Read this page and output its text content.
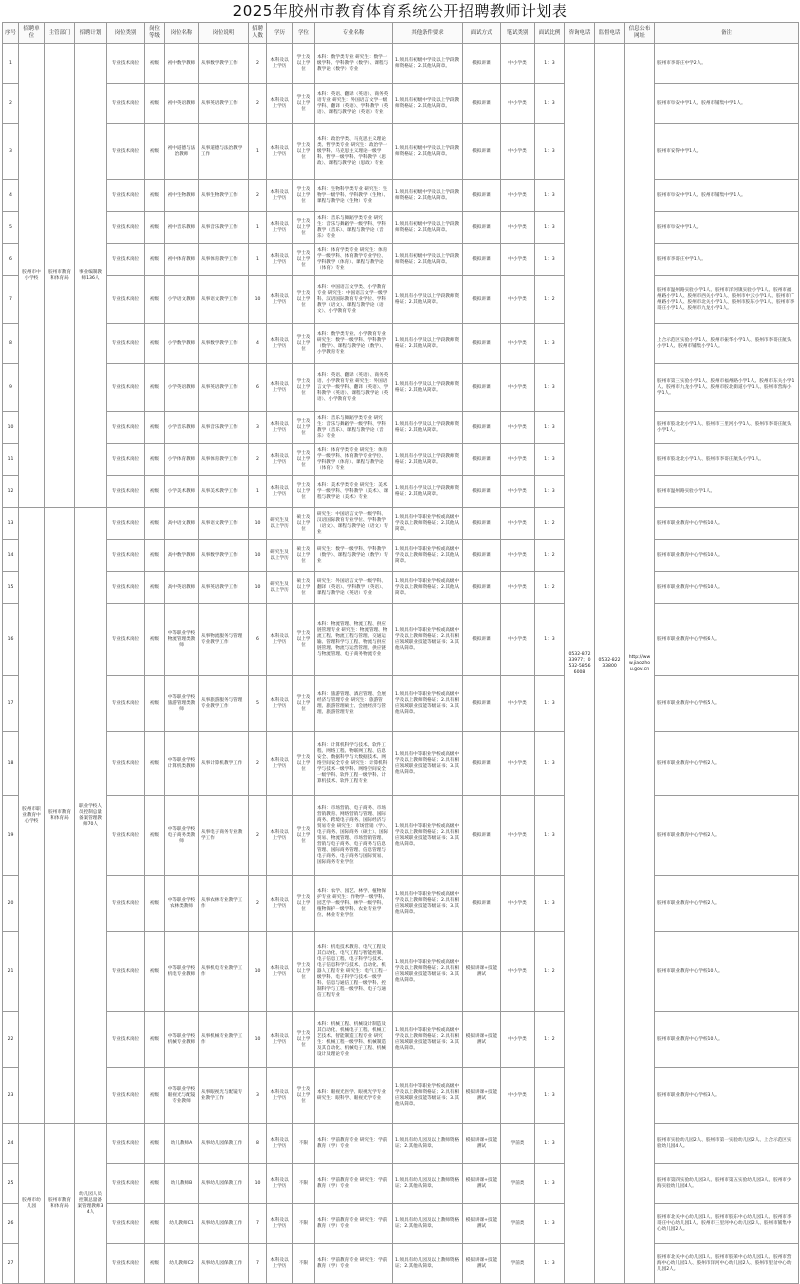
2025年胶州市教育体育系统公开招聘教师计划表
序号	招聘单位	主管部门	招聘计划	岗位类别	岗位等级	岗位名称	岗位说明	招聘人数	学历	学位	专业名称	其他条件要求	面试方式	笔试类别	面试比例	咨询电话	监督电话	信息公布网址	备注
1	胶州市中小学校	胶州市教育和体育局	事业编制教师136人	专业技术岗位	初级	初中数学教师	从事数学教学工作	2	本科及以上学历	学士及以上学位	本科：数学类专业 研究生：数学一级学科、学科教学（数学）、课程与教学论（数学）专业	1.须具有初级中学及以上学段教师资格证；2.其他从简章。	模拟讲课	中小学类	1：3	0532-87233977；0532-58566008	0532-82233800	http://www.jiaozhou.gov.cn	胶州市李哥庄中学2人。
2				专业技术岗位	初级	初中英语教师	从事英语教学工作	2	本科及以上学历	学士及以上学位	本科：英语、翻译（英语）、商务英语专业 研究生：外国语言文学一级学科、翻译（英语）、学科教学（英语）、课程与教学论（英语）专业	1.须具有初级中学及以上学段教师资格证；2.其他从简章。	模拟讲课	中小学类	1：3				胶州市阜安中学1人、胶州市铺集中学1人。
3				专业技术岗位	初级	初中道德与法治教师	从事道德与法治教学工作	1	本科及以上学历	学士及以上学位	本科：政治学类、马克思主义理论类、哲学类专业 研究生：政治学一级学科、马克思主义理论一级学科、哲学一级学科、学科教学（思政）、课程与教学论（思政）专业	1.须具有初级中学及以上学段教师资格证；2.其他从简章。	模拟讲课	中小学类	1：3				胶州市安得中学1人。
4				专业技术岗位	初级	初中生物教师	从事生物教学工作	2	本科及以上学历	学士及以上学位	本科：生物科学类专业 研究生：生物学一级学科、学科教学（生物）、课程与教学论（生物）专业	1.须具有初级中学及以上学段教师资格证；2.其他从简章。	模拟讲课	中小学类	1：3				胶州市阜安中学1人、胶州市铺集中学1人。
5				专业技术岗位	初级	初中音乐教师	从事音乐教学工作	1	本科及以上学历	学士及以上学位	本科：音乐与舞蹈学类专业 研究生：音乐与舞蹈学一级学科、学科教学（音乐）、课程与教学论（音乐）专业	1.须具有初级中学及以上学段教师资格证；2.其他从简章。	模拟讲课	中小学类	1：3				胶州市阜安中学1人。
6				专业技术岗位	初级	初中体育教师	从事体育教学工作	1	本科及以上学历	学士及以上学位	本科：体育学类专业 研究生：体育学一级学科、体育教学专业学位、学科教学（体育）、课程与教学论（体育）专业	1.须具有初级中学及以上学段教师资格证；2.其他从简章。	模拟讲课	中小学类	1：3				胶州市李哥庄中学1人。
7				专业技术岗位	初级	小学语文教师	从事语文教学工作	10	本科及以上学历	学士及以上学位	本科：中国语言文学类、小学教育专业 研究生：中国语言文学一级学科、汉语国际教育专业学位、学科教学（语文）、课程与教学论（语文）、小学教育专业	1.须具有小学及以上学段教师资格证；2.其他从简章。	模拟讲课	中小学类	1：2				胶州市温州路实验小学1人、胶州市洋河镇实验小学1人、胶州市福州路小学1人、胶州市西关小学1人、胶州市中云小学1人、胶州市广州路小学1人、胶州市北关小学1人、胶州市胶东小学1人、胶州市李哥庄小学1人、胶州市九龙小学1人。
8				专业技术岗位	初级	小学数学教师	从事数学教学工作	4	本科及以上学历	学士及以上学位	本科：数学类专业、小学教育专业 研究生：数学一级学科、学科教学（数学）、课程与教学论（数学）、小学教育专业	1.须具有小学及以上学段教师资格证；2.其他从简章。	模拟讲课	中小学类	1：3				上合示范区实验小学1人、胶州市振华小学1人、胶州市李哥庄航头小学1人、胶州市铺集小学1人。
9				专业技术岗位	初级	小学英语教师	从事英语教学工作	6	本科及以上学历	学士及以上学位	本科：英语、翻译（英语）、商务英语、小学教育专业 研究生：外国语言文学一级学科、翻译（英语）、学科教学（英语）、课程与教学论（英语）、小学教育专业	1.须具有小学及以上学段教师资格证；2.其他从简章。	模拟讲课	中小学类	1：3				胶州市第三实验小学1人、胶州市福州路小学1人、胶州市东关小学1人、胶州市九龙小学1人、胶州市胶北街道小学1人、胶州市营海小学1人。
10				专业技术岗位	初级	小学音乐教师	从事音乐教学工作	3	本科及以上学历	学士及以上学位	本科：音乐与舞蹈学类专业 研究生：音乐与舞蹈学一级学科、学科教学（音乐）、课程与教学论（音乐）专业	1.须具有小学及以上学段教师资格证；2.其他从简章。	模拟讲课	中小学类	1：3				胶州市胶北北小学1人、胶州市三里河小学1人、胶州市李哥庄航头小学1人。
11				专业技术岗位	初级	小学体育教师	从事体育教学工作	2	本科及以上学历	学士及以上学位	本科：体育学类专业 研究生：体育学一级学科、体育教学专业学位、学科教学（体育）、课程与教学论（体育）专业	1.须具有小学及以上学段教师资格证；2.其他从简章。	模拟讲课	中小学类	1：3				胶州市胶北北小学1人、胶州市李哥庄航头小学1人。
12				专业技术岗位	初级	小学美术教师	从事美术教学工作	1	本科及以上学历	学士及以上学位	本科：美术学类专业 研究生：美术学一级学科、学科教学（美术）、课程与教学论（美术）专业	1.须具有小学及以上学段教师资格证；2.其他从简章。	模拟讲课	中小学类	1：3				胶州市温州路实验小学1人。
13	胶州市职业教育中心学校	胶州市教育和体育局	职业学校人员控制总量备案管理教师70人	专业技术岗位	初级	高中语文教师	从事语文教学工作	10	研究生及以上学历	硕士及以上学位	研究生：中国语言文学一级学科、汉语国际教育专业学位、学科教学（语文）、课程与教学论（语文）专业	1.须具有中等职业学校或高级中学及以上教师资格证；2.其他从简章。	模拟讲课	中小学类	1：2				胶州市职业教育中心学校10人。
14				专业技术岗位	初级	高中数学教师	从事数学教学工作	10	研究生及以上学历	硕士及以上学位	研究生：数学一级学科、学科教学（数学）、课程与教学论（数学）专业	1.须具有中等职业学校或高级中学及以上教师资格证；2.其他从简章。	模拟讲课	中小学类	1：2				胶州市职业教育中心学校10人。
15				专业技术岗位	初级	高中英语教师	从事英语教学工作	10	研究生及以上学历	硕士及以上学位	研究生：外国语言文学一级学科、翻译（英语）、学科教学（英语）、课程与教学论（英语）专业	1.须具有中等职业学校或高级中学及以上教师资格证；2.其他从简章。	模拟讲课	中小学类	1：2				胶州市职业教育中心学校10人。
16				专业技术岗位	初级	中等职业学校物流管理类教师	从事物流服务与管理专业教学工作	6	本科及以上学历	学士及以上学位	本科：物流管理、物流工程、供应链管理专业 研究生：物流管理、物流工程、物流工程与管理、交通运输、管理科学与工程、物流与供应链管理、物流与运营管理、供应链与物流管理、电子商务物流专业	1.须具有中等职业学校或高级中学及以上教师资格证；2.具有相应领域职业技能等级证书；3.其他从简章。	模拟讲课	中小学类	1：3				胶州市职业教育中心学校6人。
17				专业技术岗位	初级	中等职业学校旅游管理类教师	从事旅游服务与管理专业教学工作	5	本科及以上学历	学士及以上学位	本科：旅游管理、酒店管理、会展经济与管理专业 研究生：旅游管理、旅游管理硕士、会展经济与管理、旅游管理专业	1.须具有中等职业学校或高级中学及以上教师资格证；2.具有相应领域职业技能等级证书；3.其他从简章。	模拟讲课	中小学类	1：3				胶州市职业教育中心学校5人。
18				专业技术岗位	初级	中等职业学校计算机类教师	从事计算机教学工作	2	本科及以上学历	学士及以上学位	本科：计算机科学与技术、软件工程、网络工程、物联网工程、信息安全、数据科学与大数据技术、网络空间安全专业 研究生：计算机科学与技术一级学科、网络空间安全一级学科、软件工程一级学科、计算机技术、软件工程专业	1.须具有中等职业学校或高级中学及以上教师资格证；2.具有相应领域职业技能等级证书；3.其他从简章。	模拟讲课	中小学类	1：3				胶州市职业教育中心学校2人。
19				专业技术岗位	初级	中等职业学校电子商务类教师	从事电子商务专业教学工作	2	本科及以上学历	学士及以上学位	本科：市场营销、电子商务、市场营销教育、网络营销与管理、国际商务、跨境电子商务、国际经济与贸易专业 研究生：市场营销（学）、电子商务、国际商务（硕士）、国际贸易、物流管理、市场营销管理、营销与电子商务、电子商务与信息管理、国际商务管理、信息管理与电子商务、电子商务与国际贸易、国际商务专业学位	1.须具有中等职业学校或高级中学及以上教师资格证；2.具有相应领域职业技能等级证书；3.其他从简章。	模拟讲课	中小学类	1：3				胶州市职业教育中心学校2人。
20				专业技术岗位	初级	中等职业学校农林类教师	从事农林专业教学工作	2	本科及以上学历	学士及以上学位	本科：农学、园艺、林学、植物保护专业 研究生：作物学一级学科、园艺学一级学科、林学一级学科、植物保护一级学科、农业专业学位、林业专业学位	1.须具有中等职业学校或高级中学及以上教师资格证；2.具有相应领域职业技能等级证书；3.其他从简章。	模拟讲课	中小学类	1：3				胶州市职业教育中心学校2人。
21				专业技术岗位	初级	中等职业学校机电专业教师	从事机电专业教学工作	10	本科及以上学历	学士及以上学位	本科：机电技术教育、电气工程及其自动化、电气工程与智能控制、电子信息工程、电子科学与技术、电子信息科学与技术、自动化、机器人工程专业 研究生：电气工程一级学科、电子科学与技术一级学科、信息与通信工程一级学科、控制科学与工程一级学科、电子与通信工程专业	1.须具有中等职业学校或高级中学及以上教师资格证；2.具有相应领域职业技能等级证书；3.其他从简章。	模拟讲课+技能测试	中小学类	1：2				胶州市职业教育中心学校10人。
22				专业技术岗位	初级	中等职业学校机械专业教师	从事机械专业教学工作	10	本科及以上学历	学士及以上学位	本科：机械工程、机械设计制造及其自动化、机械电子工程、机械工艺技术、智能制造工程专业 研究生：机械工程一级学科、机械制造及其自动化、机械电子工程、机械设计及理论专业	1.须具有中等职业学校或高级中学及以上教师资格证；2.具有相应领域职业技能等级证书；3.其他从简章。	模拟讲课+技能测试	中小学类	1：2				胶州市职业教育中心学校10人。
23				专业技术岗位	初级	中等职业学校眼视光与配镜专业教师	从事眼视光与配镜专业教学工作	3	本科及以上学历	学士及以上学位	本科：眼视光医学、眼视光学专业 研究生：眼科学、眼视光学专业	1.须具有中等职业学校或高级中学及以上教师资格证；2.具有相应领域职业技能等级证书；3.其他从简章。	模拟讲课+技能测试	中小学类	1：3				胶州市职业教育中心学校3人。
24	胶州市幼儿园	胶州市教育和体育局	幼儿园人员控制总量备案管理教师34人	专业技术岗位	初级	幼儿教师A	从事幼儿园保教工作	8	本科及以上学历	不限	本科：学前教育专业 研究生：学前教育（学）专业	1.须具有幼儿园及以上教师资格证；2.其他从简章。	模拟讲课+技能测试	学前类	1：3				胶州市实验幼儿园2人、胶州市第一实验幼儿园2人、上合示范区实验幼儿园4人。
25				专业技术岗位	初级	幼儿教师B	从事幼儿园保教工作	10	本科及以上学历	不限	本科：学前教育专业 研究生：学前教育（学）专业	1.须具有幼儿园及以上教师资格证；2.其他从简章。	模拟讲课+技能测试	学前类	1：3				胶州市第四实验幼儿园3人、胶州市第五实验幼儿园3人、胶州市少海实验幼儿园4人。
26				专业技术岗位	初级	幼儿教师C1	从事幼儿园保教工作	7	本科及以上学历	不限	本科：学前教育专业 研究生：学前教育（学）专业	1.须具有幼儿园及以上教师资格证；2.其他从简章。	模拟讲课+技能测试	学前类	1：3				胶州市北关中心幼儿园1人、胶州市胶东中心幼儿园1人、胶州市李哥庄中心幼儿园1人、胶州市三里河中心幼儿园2人、胶州市铺集中心幼儿园2人。
27				专业技术岗位	初级	幼儿教师C2	从事幼儿园保教工作	7	本科及以上学历	不限	本科：学前教育专业 研究生：学前教育（学）专业	1.须具有幼儿园及以上教师资格证；2.其他从简章。	模拟讲课+技能测试	学前类	1：3				胶州市北关中心幼儿园1人、胶州市胶莱中心幼儿园1人、胶州市营海中心幼儿园1人、胶州市洋河中心幼儿园2人、胶州市里岔中心幼儿园2人。
